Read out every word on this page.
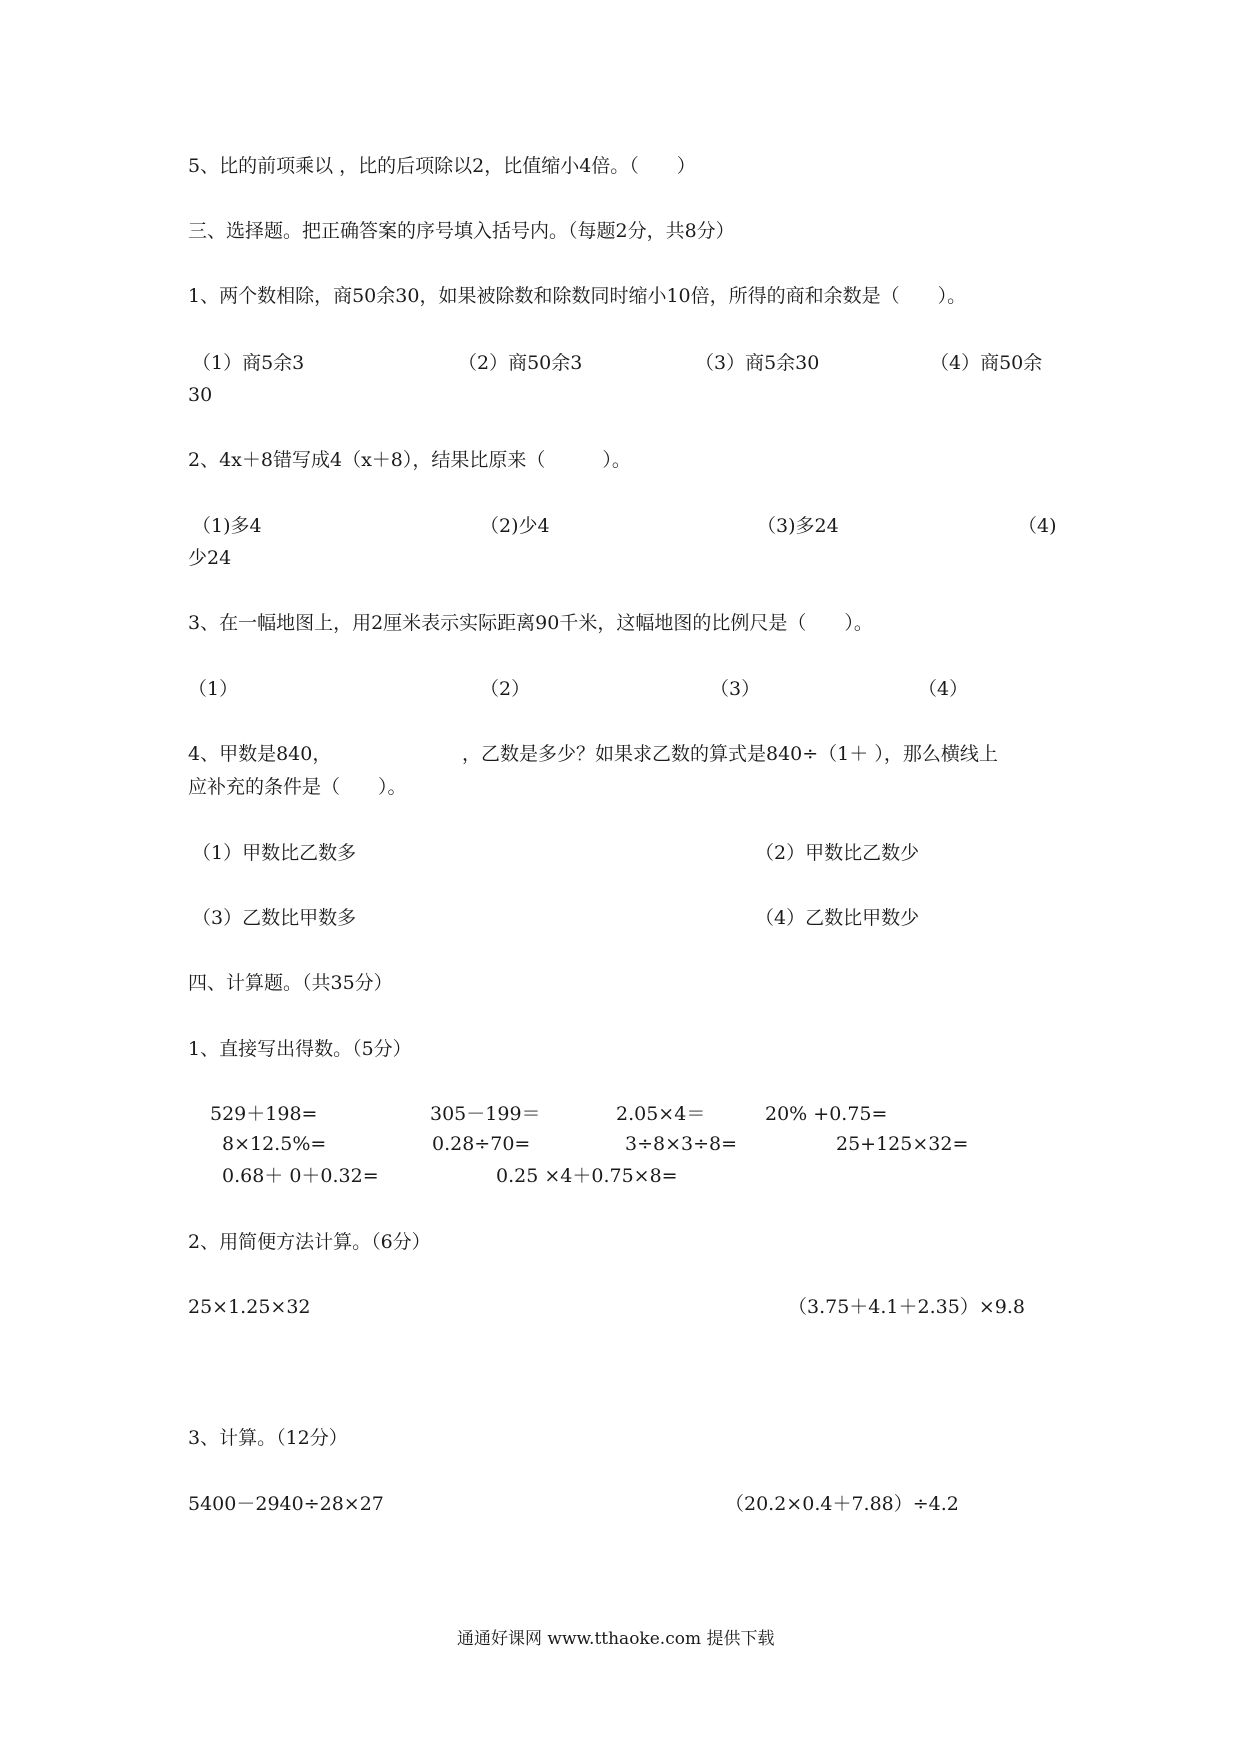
5、比的前项乘以 ，比的后项除以2，比值缩小4倍。（　　）
三、选择题。把正确答案的序号填入括号内。（每题2分，共8分）
1、两个数相除，商50余30，如果被除数和除数同时缩小10倍，所得的商和余数是（　　）。
（1）商5余3	（2）商50余3	（3）商5余30	（4）商50余
30
2、4x＋8错写成4（x＋8），结果比原来（　　　）。
（1)多4	（2)少4	（3)多24	（4)
少24
3、在一幅地图上，用2厘米表示实际距离90千米，这幅地图的比例尺是（　　）。
（1）	（2）	（3）	（4）
4、甲数是840，	，乙数是多少？如果求乙数的算式是840÷（1＋ ），那么横线上
应补充的条件是（　　）。
（1）甲数比乙数多	（2）甲数比乙数少
（3）乙数比甲数多	（4）乙数比甲数少
四、计算题。（共35分）
1、直接写出得数。（5分）
529＋198=	305－199＝	2.05×4＝	20% +0.75=
8×12.5%=	0.28÷70=	3÷8×3÷8=	25+125×32=
0.68＋ 0＋0.32=	0.25 ×4＋0.75×8=
2、用简便方法计算。（6分）
25×1.25×32	（3.75＋4.1＋2.35）×9.8
3、计算。（12分）
5400－2940÷28×27	（20.2×0.4＋7.88）÷4.2
通通好课网 www.tthaoke.com 提供下载
